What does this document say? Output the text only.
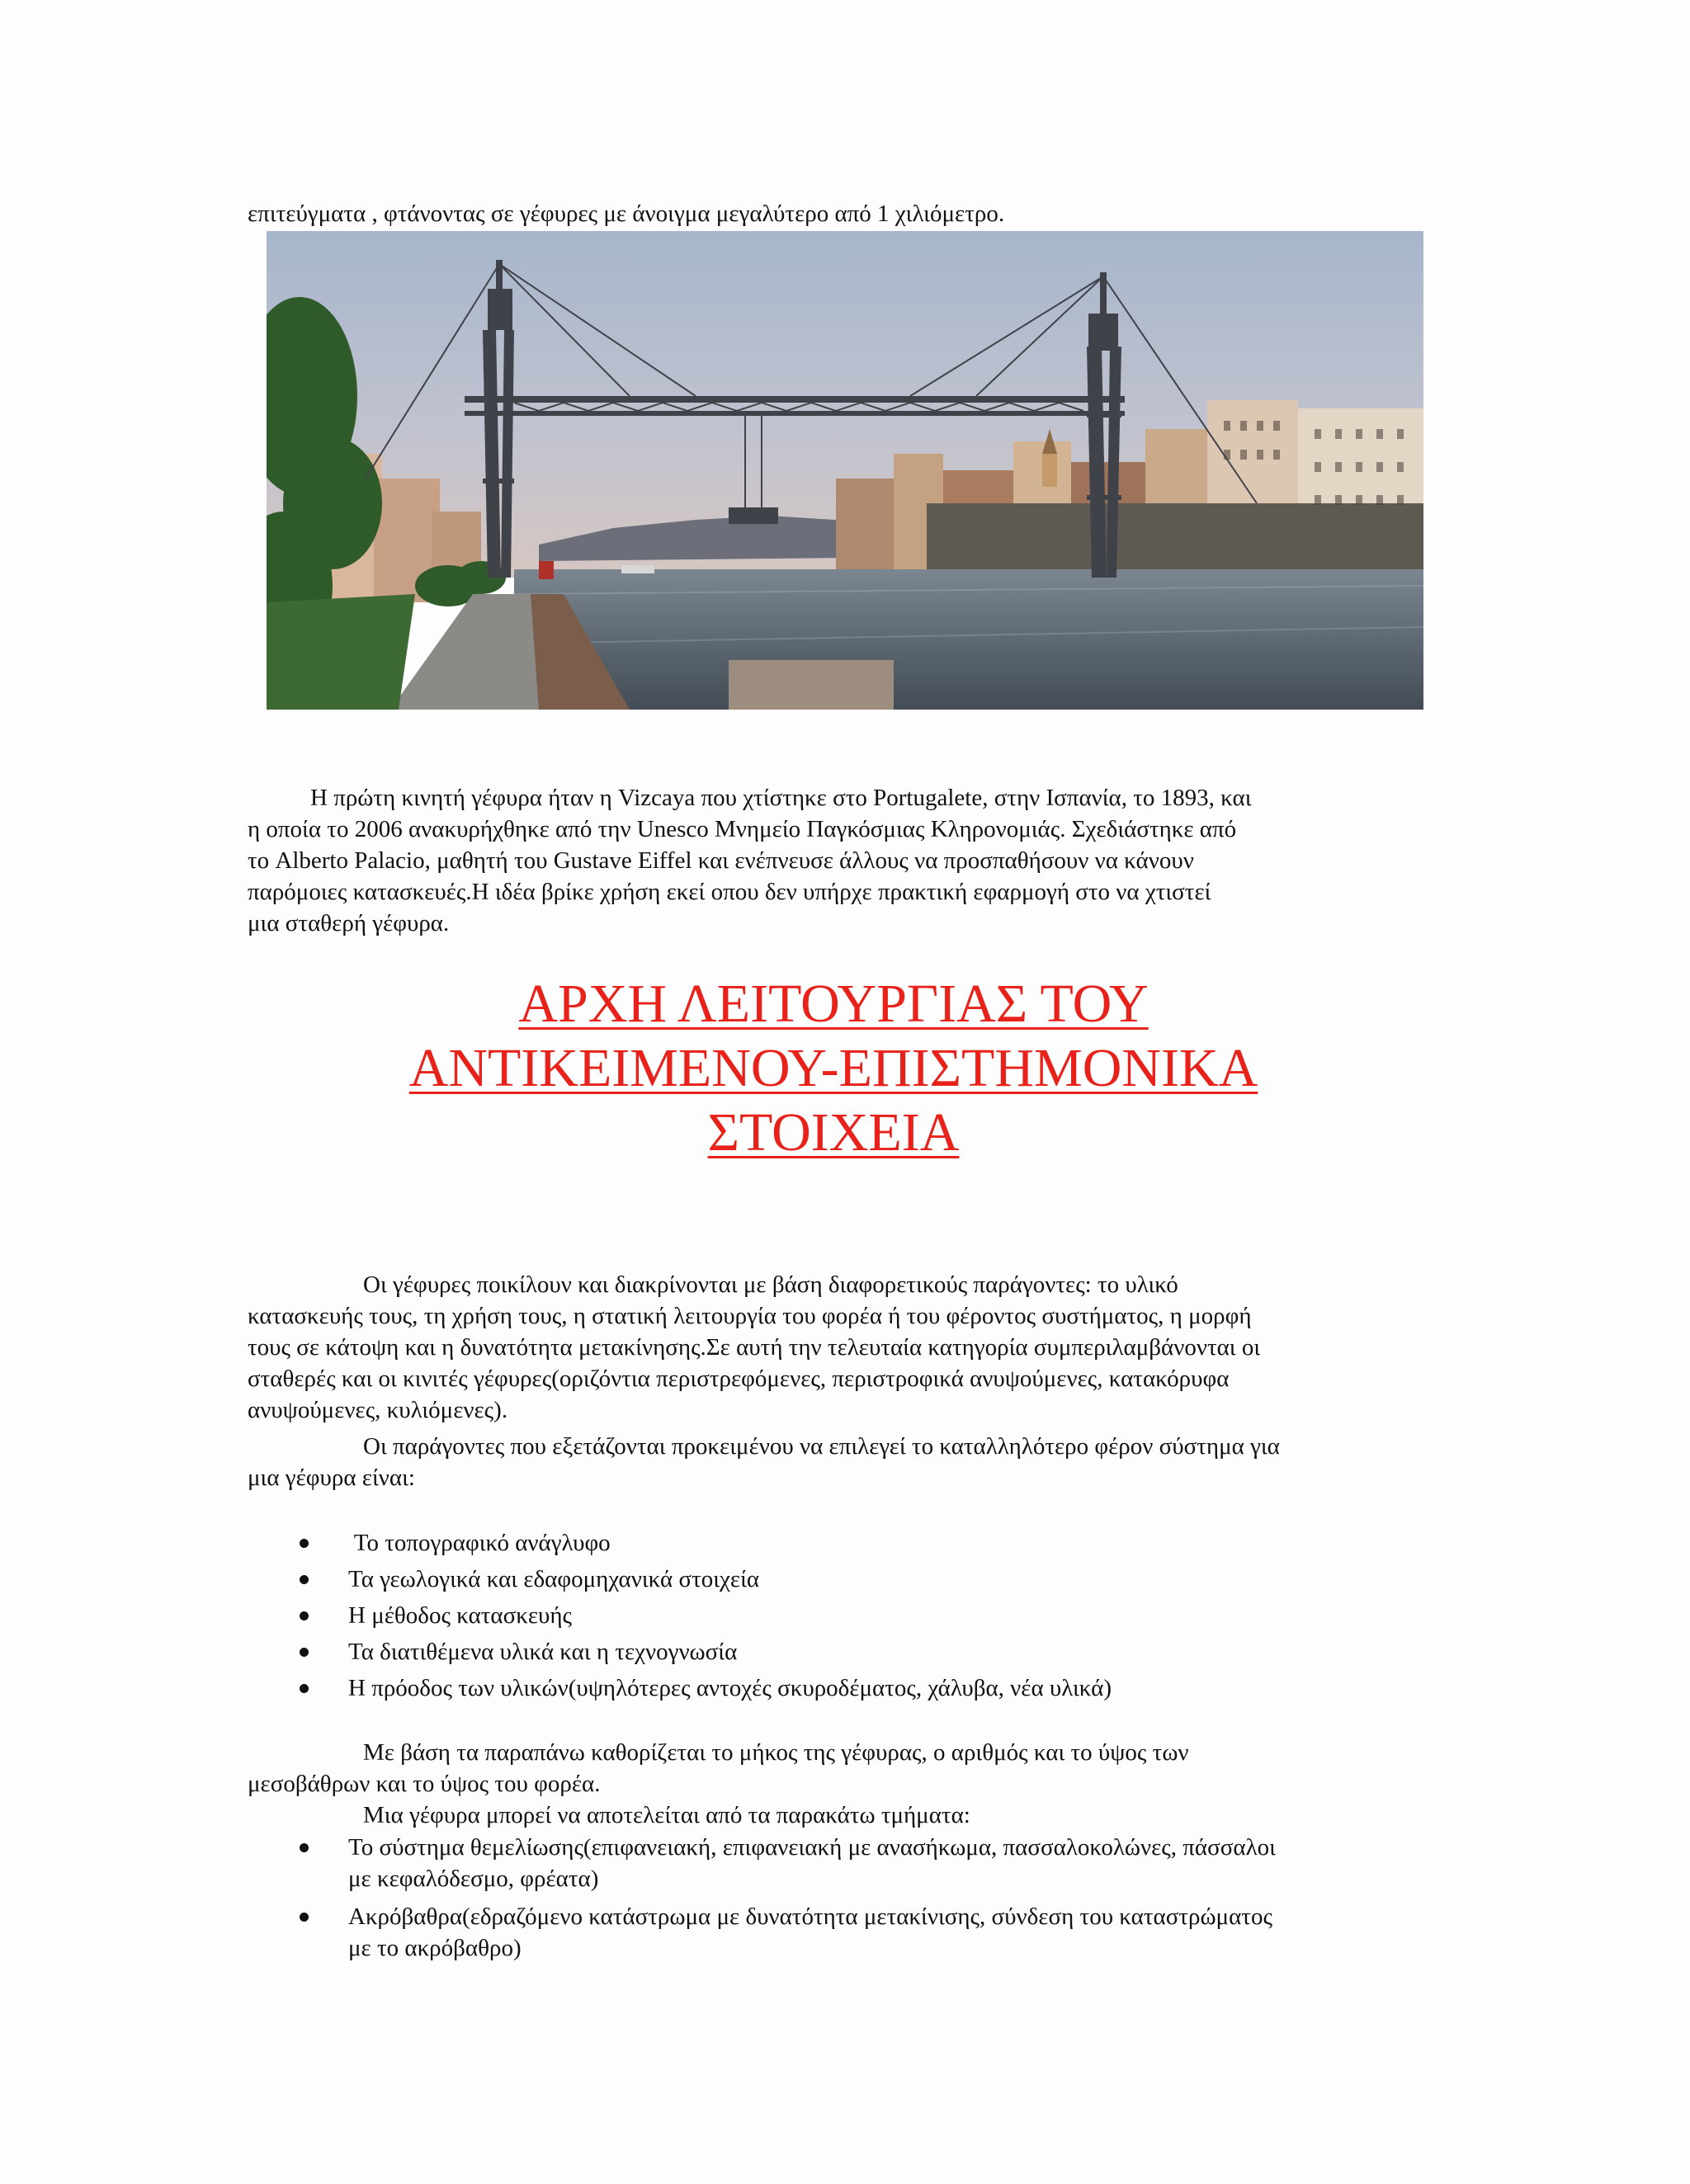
επιτεύγματα , φτάνοντας σε γέφυρες με άνοιγμα μεγαλύτερο από 1 χιλιόμετρο.

Η πρώτη κινητή γέφυρα ήταν η Vizcaya που χτίστηκε στο Portugalete, στην Ισπανία, το 1893, και
η οποία το 2006 ανακυρήχθηκε από την Unesco Μνημείο Παγκόσμιας Κληρονομιάς. Σχεδιάστηκε από
το Alberto Palacio, μαθητή του Gustave Eiffel και ενέπνευσε άλλους να προσπαθήσουν να κάνουν
παρόμοιες κατασκευές.Η ιδέα βρίκε χρήση εκεί οπου δεν υπήρχε πρακτική εφαρμογή στο να χτιστεί
μια σταθερή γέφυρα.

ΑΡΧΗ ΛΕΙΤΟΥΡΓΙΑΣ ΤΟΥ
ΑΝΤΙΚΕΙΜΕΝΟΥ-ΕΠΙΣΤΗΜΟΝΙΚΑ
ΣΤΟΙΧΕΙΑ

Οι γέφυρες ποικίλουν και διακρίνονται με βάση διαφορετικούς παράγοντες: το υλικό
κατασκευής τους, τη χρήση τους, η στατική λειτουργία του φορέα ή του φέροντος συστήματος, η μορφή
τους σε κάτοψη και η δυνατότητα μετακίνησης.Σε αυτή την τελευταία κατηγορία συμπεριλαμβάνονται οι
σταθερές και οι κινιτές γέφυρες(οριζόντια περιστρεφόμενες, περιστροφικά ανυψούμενες, κατακόρυφα
ανυψούμενες, κυλιόμενες).

Οι παράγοντες που εξετάζονται προκειμένου να επιλεγεί το καταλληλότερο φέρον σύστημα για
μια γέφυρα είναι:

Το τοπογραφικό ανάγλυφο
Τα γεωλογικά και εδαφομηχανικά στοιχεία
Η μέθοδος κατασκευής
Τα διατιθέμενα υλικά και η τεχνογνωσία
Η πρόοδος των υλικών(υψηλότερες αντοχές σκυροδέματος, χάλυβα, νέα υλικά)

Με βάση τα παραπάνω καθορίζεται το μήκος της γέφυρας, ο αριθμός και το ύψος των
μεσοβάθρων και το ύψος του φορέα.
Μια γέφυρα μπορεί να αποτελείται από τα παρακάτω τμήματα:

Το σύστημα θεμελίωσης(επιφανειακή, επιφανειακή με ανασήκωμα, πασσαλοκολώνες, πάσσαλοι
με κεφαλόδεσμο, φρέατα)
Ακρόβαθρα(εδραζόμενο κατάστρωμα με δυνατότητα μετακίνισης, σύνδεση του καταστρώματος
με το ακρόβαθρο)
